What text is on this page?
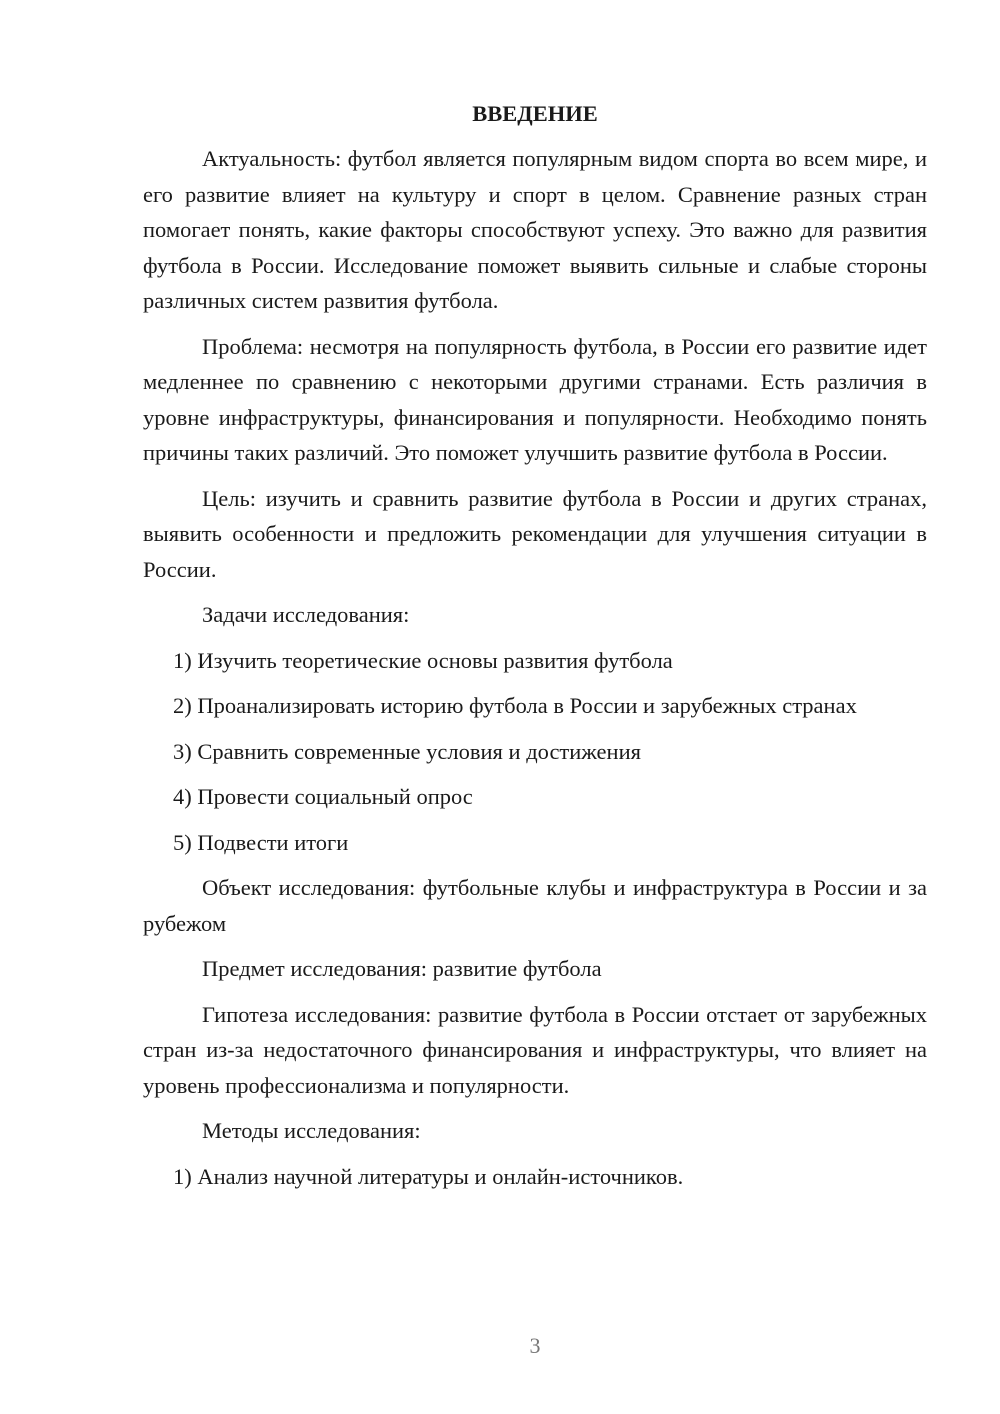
ВВЕДЕНИЕ

Актуальность: футбол является популярным видом спорта во всем мире, и его развитие влияет на культуру и спорт в целом. Сравнение разных стран помогает понять, какие факторы способствуют успеху. Это важно для развития футбола в России. Исследование поможет выявить сильные и слабые стороны различных систем развития футбола.

Проблема: несмотря на популярность футбола, в России его развитие идет медленнее по сравнению с некоторыми другими странами. Есть различия в уровне инфраструктуры, финансирования и популярности. Необходимо понять причины таких различий. Это поможет улучшить развитие футбола в России.

Цель: изучить и сравнить развитие футбола в России и других странах, выявить особенности и предложить рекомендации для улучшения ситуации в России.

Задачи исследования:

1) Изучить теоретические основы развития футбола

2) Проанализировать историю футбола в России и зарубежных странах

3) Сравнить современные условия и достижения

4) Провести социальный опрос

5) Подвести итоги

Объект исследования: футбольные клубы и инфраструктура в России и за рубежом

Предмет исследования: развитие футбола

Гипотеза исследования: развитие футбола в России отстает от зарубежных стран из-за недостаточного финансирования и инфраструктуры, что влияет на уровень профессионализма и популярности.

Методы исследования:

1) Анализ научной литературы и онлайн-источников.

3
